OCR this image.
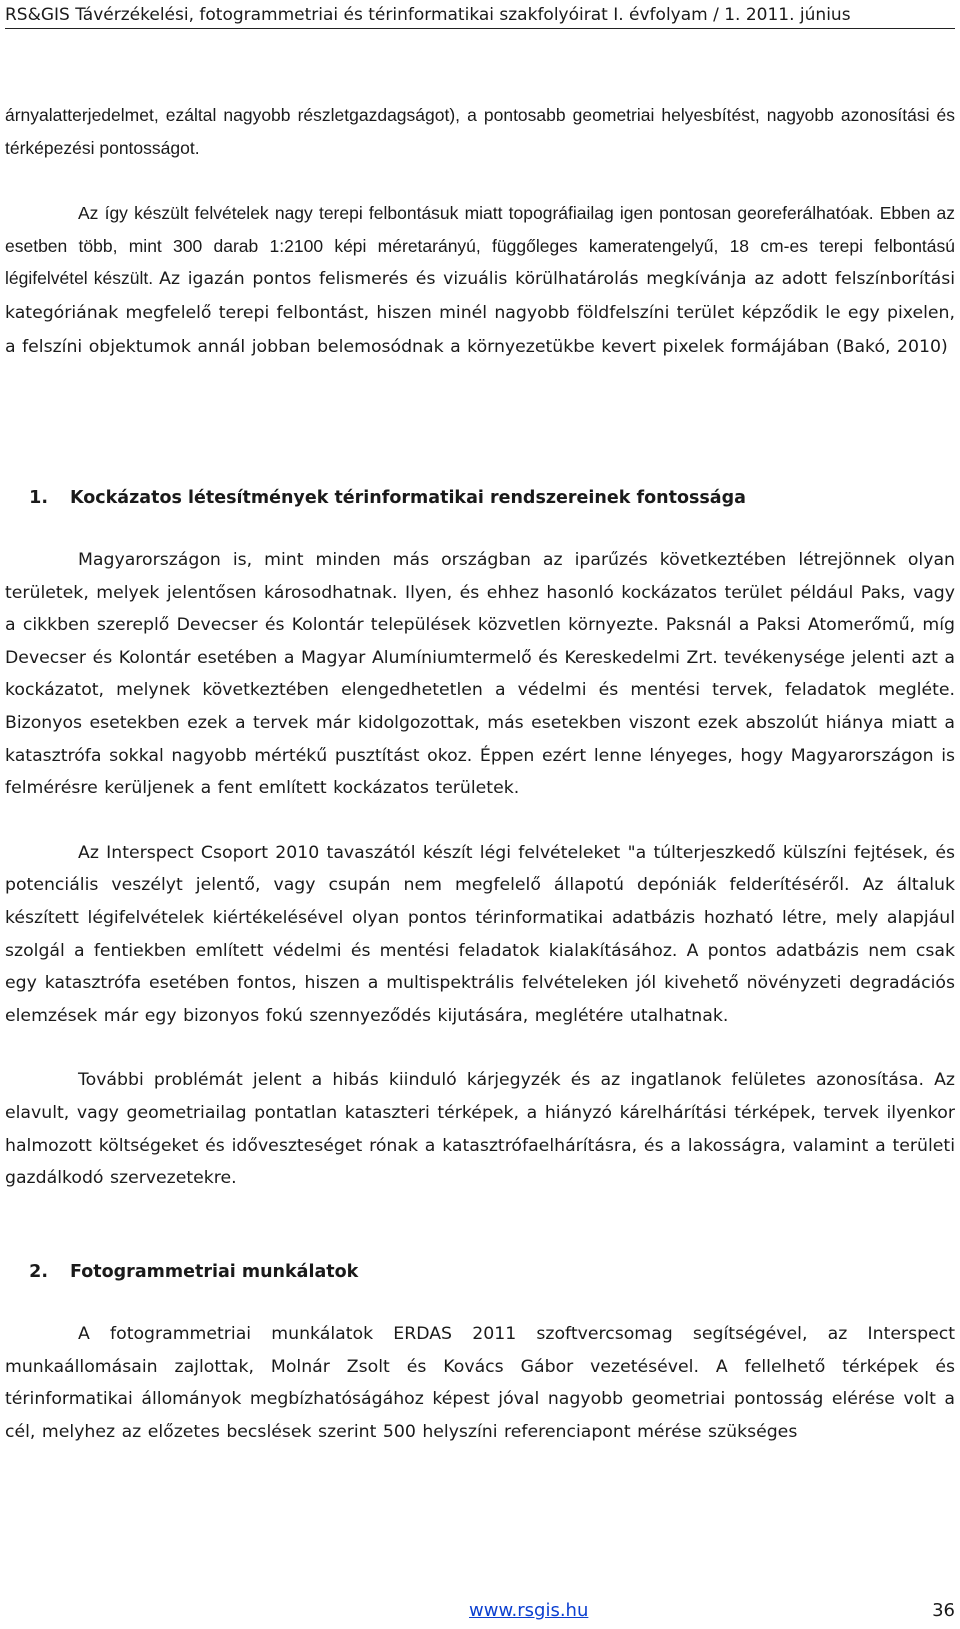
RS&GIS Távérzékelési, fotogrammetriai és térinformatikai szakfolyóirat I. évfolyam / 1. 2011. június

árnyalatterjedelmet, ezáltal nagyobb részletgazdagságot), a pontosabb geometriai helyesbítést, nagyobb azonosítási és térképezési pontosságot.

Az így készült felvételek nagy terepi felbontásuk miatt topográfiailag igen pontosan georeferálhatóak. Ebben az esetben több, mint 300 darab 1:2100 képi méretarányú, függőleges kameratengelyű, 18 cm-es terepi felbontású légifelvétel készült. Az igazán pontos felismerés és vizuális körülhatárolás megkívánja az adott felszínborítási kategóriának megfelelő terepi felbontást, hiszen minél nagyobb földfelszíni terület képződik le egy pixelen, a felszíni objektumok annál jobban belemosódnak a környezetükbe kevert pixelek formájában (Bakó, 2010)

1. Kockázatos létesítmények térinformatikai rendszereinek fontossága

Magyarországon is, mint minden más országban az iparűzés következtében létrejönnek olyan területek, melyek jelentősen károsodhatnak. Ilyen, és ehhez hasonló kockázatos terület például Paks, vagy a cikkben szereplő Devecser és Kolontár települések közvetlen környezte. Paksnál a Paksi Atomerőmű, míg Devecser és Kolontár esetében a Magyar Alumíniumtermelő és Kereskedelmi Zrt. tevékenysége jelenti azt a kockázatot, melynek következtében elengedhetetlen a védelmi és mentési tervek, feladatok megléte. Bizonyos esetekben ezek a tervek már kidolgozottak, más esetekben viszont ezek abszolút hiánya miatt a katasztrófa sokkal nagyobb mértékű pusztítást okoz. Éppen ezért lenne lényeges, hogy Magyarországon is felmérésre kerüljenek a fent említett kockázatos területek.

Az Interspect Csoport 2010 tavaszától készít légi felvételeket "a túlterjeszkedő külszíni fejtések, és potenciális veszélyt jelentő, vagy csupán nem megfelelő állapotú depóniák felderítéséről. Az általuk készített légifelvételek kiértékelésével olyan pontos térinformatikai adatbázis hozható létre, mely alapjául szolgál a fentiekben említett védelmi és mentési feladatok kialakításához. A pontos adatbázis nem csak egy katasztrófa esetében fontos, hiszen a multispektrális felvételeken jól kivehető növényzeti degradációs elemzések már egy bizonyos fokú szennyeződés kijutására, meglétére utalhatnak.

További problémát jelent a hibás kiinduló kárjegyzék és az ingatlanok felületes azonosítása. Az elavult, vagy geometriailag pontatlan kataszteri térképek, a hiányzó kárelhárítási térképek, tervek ilyenkor halmozott költségeket és időveszteséget rónak a katasztrófaelhárításra, és a lakosságra, valamint a területi gazdálkodó szervezetekre.

2. Fotogrammetriai munkálatok

A fotogrammetriai munkálatok ERDAS 2011 szoftvercsomag segítségével, az Interspect munkaállomásain zajlottak, Molnár Zsolt és Kovács Gábor vezetésével. A fellelhető térképek és térinformatikai állományok megbízhatóságához képest jóval nagyobb geometriai pontosság elérése volt a cél, melyhez az előzetes becslések szerint 500 helyszíni referenciapont mérése szükséges

www.rsgis.hu	36
